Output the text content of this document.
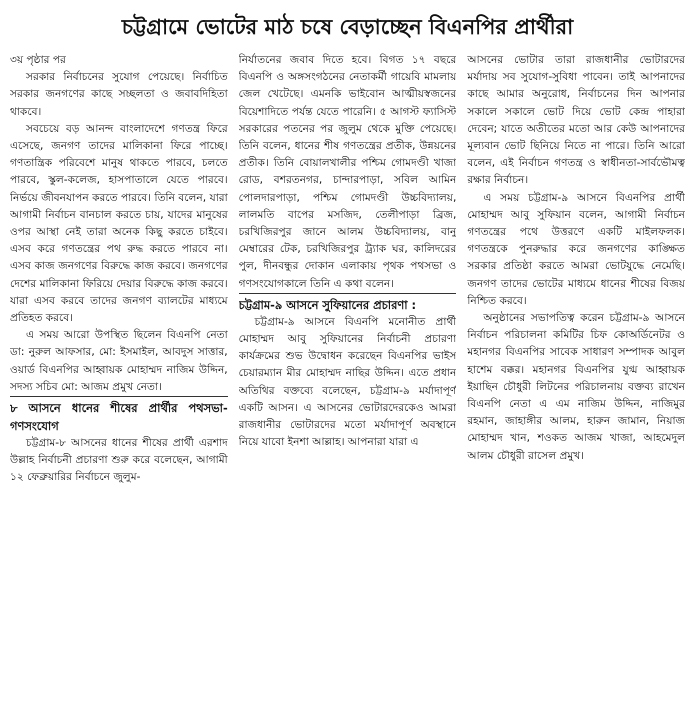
চট্টগ্রামে ভোটের মাঠ চষে বেড়াচ্ছেন বিএনপির প্রার্থীরা
৩য় পৃষ্ঠার পর
সরকার নির্বাচনের সুযোগ পেয়েছে। নির্বাচিত সরকার জনগণের কাছে সচ্ছলতা ও জবাবদিহিতা থাকবে।
সবচেয়ে বড় আনন্দ বাংলাদেশে গণতন্ত্র ফিরে এসেছে, জনগণ তাদের মালিকানা ফিরে পাচ্ছে। গণতান্ত্রিক পরিবেশে মানুষ থাকতে পারবে, চলতে পারবে, স্কুল-কলেজ, হাসপাতালে যেতে পারবে। নির্ভয়ে জীবনযাপন করতে পারবে। তিনি বলেন, যারা আগামী নির্বাচন বানচাল করতে চায়, যাদের মানুষের ওপর আস্থা নেই তারা অনেক কিছু করতে চাইবে। এসব করে গণতন্ত্রের পথ রুদ্ধ করতে পারবে না। এসব কাজ জনগণের বিরুদ্ধে কাজ করবে। জনগণের দেশের মালিকানা ফিরিয়ে দেয়ার বিরুদ্ধে কাজ করবে। যারা এসব করবে তাদের জনগণ ব্যালটের মাধ্যমে প্রতিহত করবে।
এ সময় আরো উপস্থিত ছিলেন বিএনপি নেতা ডা: নুরুল আফসার, মো: ইসমাইল, আবদুস সাত্তার, ওয়ার্ড বিএনপির আহ্বায়ক মোহাম্মদ নাজিম উদ্দিন, সদস্য সচিব মো: আজম প্রমুখ নেতা।
৮ আসনে ধানের শীষের প্রার্থীর পথসভা-গণসংযোগ
চট্টগ্রাম-৮ আসনের ধানের শীষের প্রার্থী এরশাদ উল্লাহ নির্বাচনী প্রচারণা শুরু করে বলেছেন, আগামী ১২ ফেব্রুয়ারির নির্বাচনে জুলুম-
নির্যাতনের জবাব দিতে হবে। বিগত ১৭ বছরে বিএনপি ও অঙ্গসংগঠনের নেতাকর্মী গায়েবি মামলায় জেল খেটেছে। এমনকি ভাইবোন আত্মীয়স্বজনের বিয়েশাদিতে পর্যন্ত যেতে পারেনি। ৫ আগস্ট ফ্যাসিস্ট সরকারের পতনের পর জুলুম থেকে মুক্তি পেয়েছে। তিনি বলেন, ধানের শীষ গণতন্ত্রের প্রতীক, উন্নয়নের প্রতীক। তিনি বোয়ালখালীর পশ্চিম গোমদণ্ডী খাজা রোড, বশরতনগর, চান্দারপাড়া, সবিল আমিন পোলদারপাড়া, পশ্চিম গোমদণ্ডী উচ্চবিদ্যালয়, লালমতি বাপের মসজিদ, তেলীপাড়া ব্রিজ, চরখিজিরপুর জানে আলম উচ্চবিদ্যালয়, বানু মেম্বারের টেক, চরখিজিরপুর ট্র্যাক ঘর, কালিদরের পুল, দীনবন্ধুর দোকান এলাকায় পৃথক পথসভা ও গণসংযোগকালে তিনি এ কথা বলেন।
চট্টগ্রাম-৯ আসনে সুফিয়ানের প্রচারণা :
চট্টগ্রাম-৯ আসনে বিএনপি মনোনীত প্রার্থী মোহাম্মদ আবু সুফিয়ানের নির্বাচনী প্রচারণা কার্যক্রমের শুভ উদ্বোধন করেছেন বিএনপির ভাইস চেয়ারম্যান মীর মোহাম্মদ নাছির উদ্দিন। এতে প্রধান অতিথির বক্তব্যে বলেছেন, চট্টগ্রাম-৯ মর্যাদাপূর্ণ একটি আসন। এ আসনের ভোটারদেরকেও আমরা রাজধানীর ভোটারদের মতো মর্যাদাপূর্ণ অবস্থানে নিয়ে যাবো ইনশা আল্লাহ। আপনারা যারা এ
আসনের ভোটার তারা রাজধানীর ভোটারদের মর্যাদায় সব সুযোগ-সুবিধা পাবেন। তাই আপনাদের কাছে আমার অনুরোধ, নির্বাচনের দিন আপনার সকালে সকালে ভোট দিয়ে ভোট কেন্দ্র পাহারা দেবেন; যাতে অতীতের মতো আর কেউ আপনাদের মূল্যবান ভোট ছিনিয়ে নিতে না পারে। তিনি আরো বলেন, এই নির্বাচন গণতন্ত্র ও স্বাধীনতা-সার্বভৌমত্ব রক্ষার নির্বাচন।
এ সময় চট্টগ্রাম-৯ আসনে বিএনপির প্রার্থী মোহাম্মদ আবু সুফিয়ান বলেন, আগামী নির্বাচন গণতন্ত্রের পথে উত্তরণে একটি মাইলফলক। গণতন্ত্রকে পুনরুদ্ধার করে জনগণের কাঙ্ক্ষিত সরকার প্রতিষ্ঠা করতে আমরা ভোটযুদ্ধে নেমেছি। জনগণ তাদের ভোটের মাধ্যমে ধানের শীষের বিজয় নিশ্চিত করবে।
অনুষ্ঠানের সভাপতিত্ব করেন চট্টগ্রাম-৯ আসনে নির্বাচন পরিচালনা কমিটির চিফ কোঅর্ডিনেটর ও মহানগর বিএনপির সাবেক সাধারণ সম্পাদক আবুল হাশেম বক্কর। মহানগর বিএনপির যুগ্ম আহ্বায়ক ইয়াছিন চৌধুরী লিটনের পরিচালনায় বক্তব্য রাখেন বিএনপি নেতা এ এম নাজিম উদ্দিন, নাজিমুর রহমান, জাহাঙ্গীর আলম, হারুন জামান, নিয়াজ মোহাম্মদ খান, শওকত আজম খাজা, আহমেদুল আলম চৌধুরী রাসেল প্রমুখ।
